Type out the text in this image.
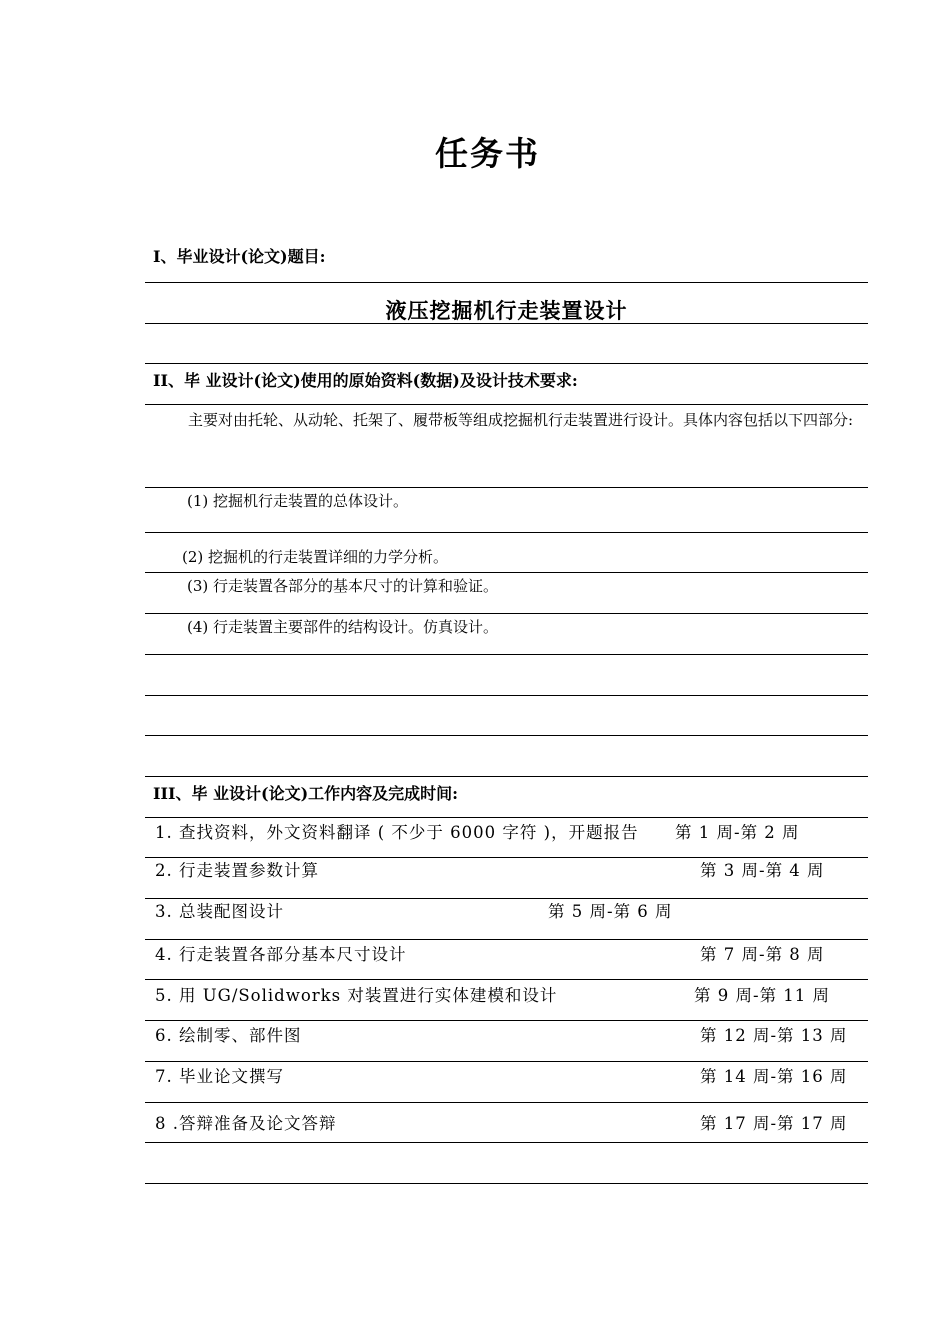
任务书
I、毕业设计(论文)题目:
液压挖掘机行走装置设计
II、毕 业设计(论文)使用的原始资料(数据)及设计技术要求:
主要对由托轮、从动轮、托架了、履带板等组成挖掘机行走装置进行设计。具体内容包括以下四部分:
(1) 挖掘机行走装置的总体设计。
(2) 挖掘机的行走装置详细的力学分析。
(3) 行走装置各部分的基本尺寸的计算和验证。
(4) 行走装置主要部件的结构设计。仿真设计。
III、毕 业设计(论文)工作内容及完成时间:
1. 查找资料，外文资料翻译 ( 不少于 6000 字符 )，开题报告 第 1 周-第 2 周
2. 行走装置参数计算	第 3 周-第 4 周
3. 总装配图设计	第 5 周-第 6 周
4. 行走装置各部分基本尺寸设计	第 7 周-第 8 周
5. 用 UG/Solidworks 对装置进行实体建模和设计	第 9 周-第 11 周
6. 绘制零、部件图	第 12 周-第 13 周
7. 毕业论文撰写	第 14 周-第 16 周
8 .答辩准备及论文答辩	第 17 周-第 17 周
